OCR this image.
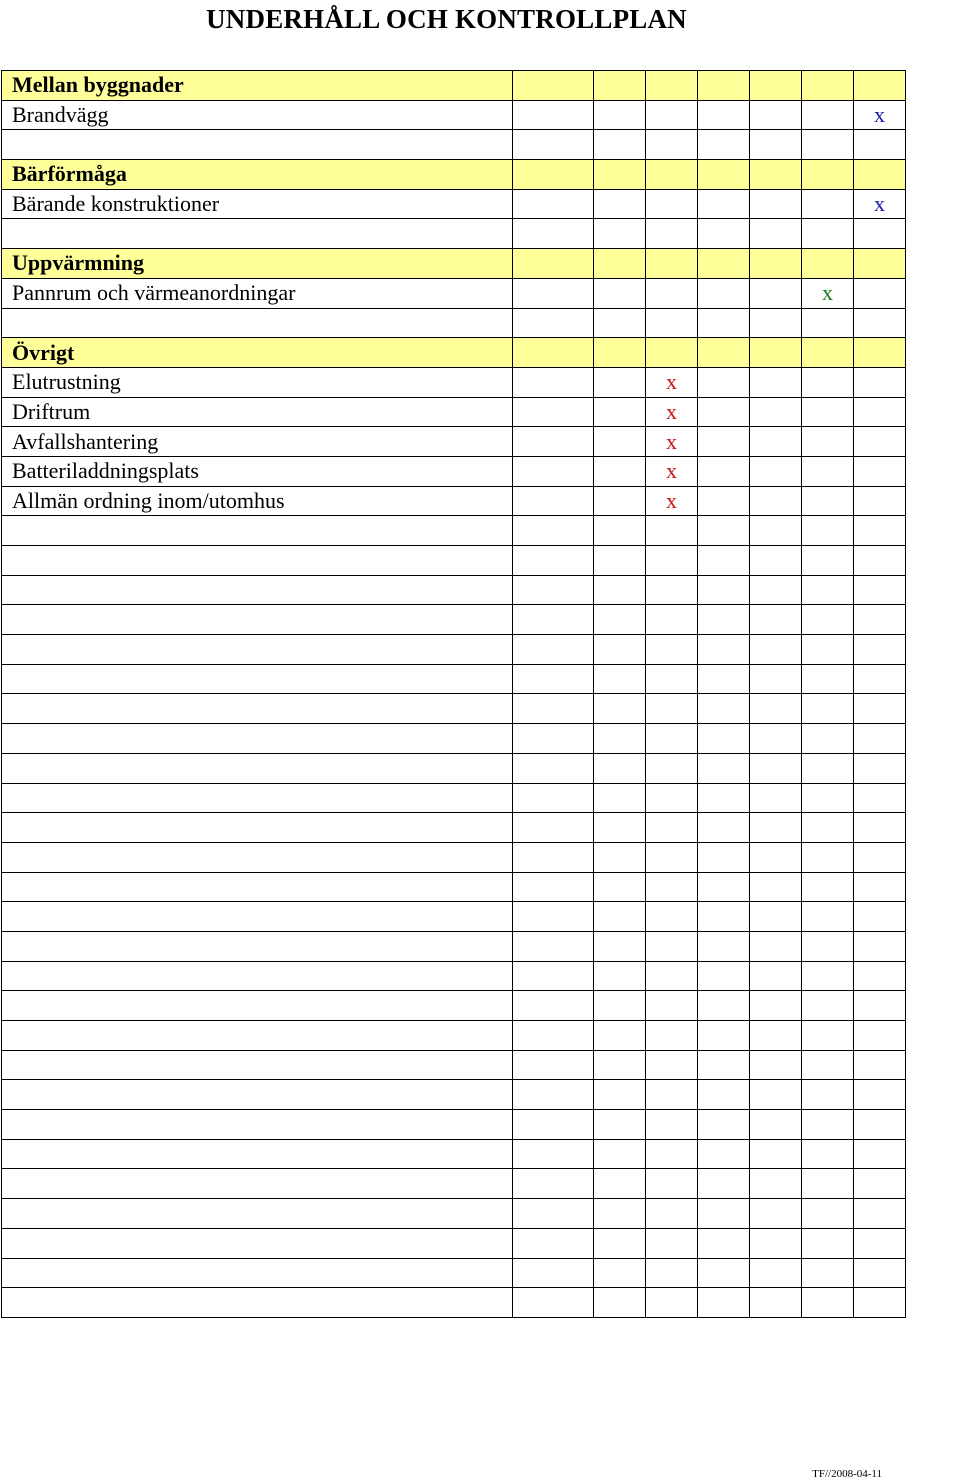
UNDERHÅLL OCH KONTROLLPLAN
Mellan byggnader							
Brandvägg							x

Bärförmåga							
Bärande konstruktioner							x

Uppvärmning							
Pannrum och värmeanordningar						x	

Övrigt							
Elutrustning			x				
Driftrum			x				
Avfallshantering			x				
Batteriladdningsplats			x				
Allmän ordning inom/utomhus			x				

TF//2008-04-11
